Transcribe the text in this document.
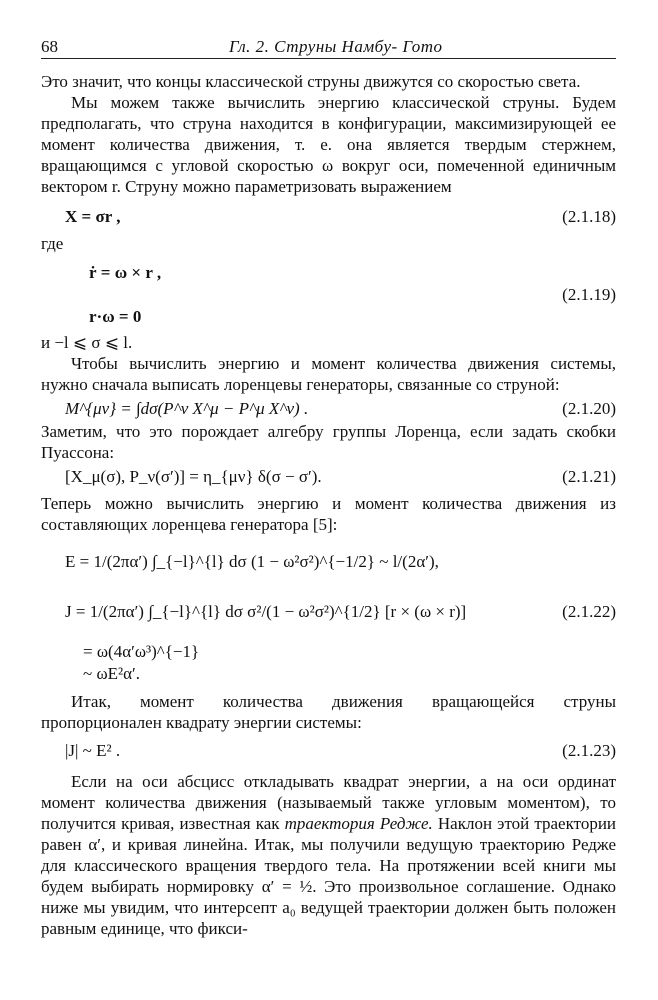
68	Гл. 2. Струны Намбу- Гото

Это значит, что концы классической струны движутся со скоростью света.

Мы можем также вычислить энергию классической струны. Будем предполагать, что струна находится в конфигурации, максимизирующей ее момент количества движения, т. е. она является твердым стержнем, вращающимся с угловой скоростью ω вокруг оси, помеченной единичным вектором r. Струну можно параметризовать выражением

X = σr ,	(2.1.18)

где

ṙ = ω × r ,
r·ω = 0
(2.1.19)

и −l ⩽ σ ⩽ l.

Чтобы вычислить энергию и момент количества движения системы, нужно сначала выписать лоренцевы генераторы, связанные со струной:

M^{μν} = ∫dσ(P^ν X^μ − P^μ X^ν) .	(2.1.20)

Заметим, что это порождает алгебру группы Лоренца, если задать скобки Пуассона:

[X_μ(σ), P_ν(σ′)] = η_{μν} δ(σ − σ′).	(2.1.21)

Теперь можно вычислить энергию и момент количества движения из составляющих лоренцева генератора [5]:

E = 1/(2πα′) ∫_{−l}^{l} dσ (1 − ω²σ²)^{−1/2} ~ l/(2α′),
J = 1/(2πα′) ∫_{−l}^{l} dσ σ²/(1 − ω²σ²)^{1/2} [r × (ω × r)]
= ω(4α′ω³)^{−1}
~ ωE²α′.
(2.1.22)

Итак, момент количества движения вращающейся струны пропорционален квадрату энергии системы:

|J| ~ E² .	(2.1.23)

Если на оси абсцисс откладывать квадрат энергии, а на оси ординат момент количества движения (называемый также угловым моментом), то получится кривая, известная как траектория Редже. Наклон этой траектории равен α′, и кривая линейна. Итак, мы получили ведущую траекторию Редже для классического вращения твердого тела. На протяжении всей книги мы будем выбирать нормировку α′ = ½. Это произвольное соглашение. Однако ниже мы увидим, что интерсепт a₀ ведущей траектории должен быть положен равным единице, что фикси-
